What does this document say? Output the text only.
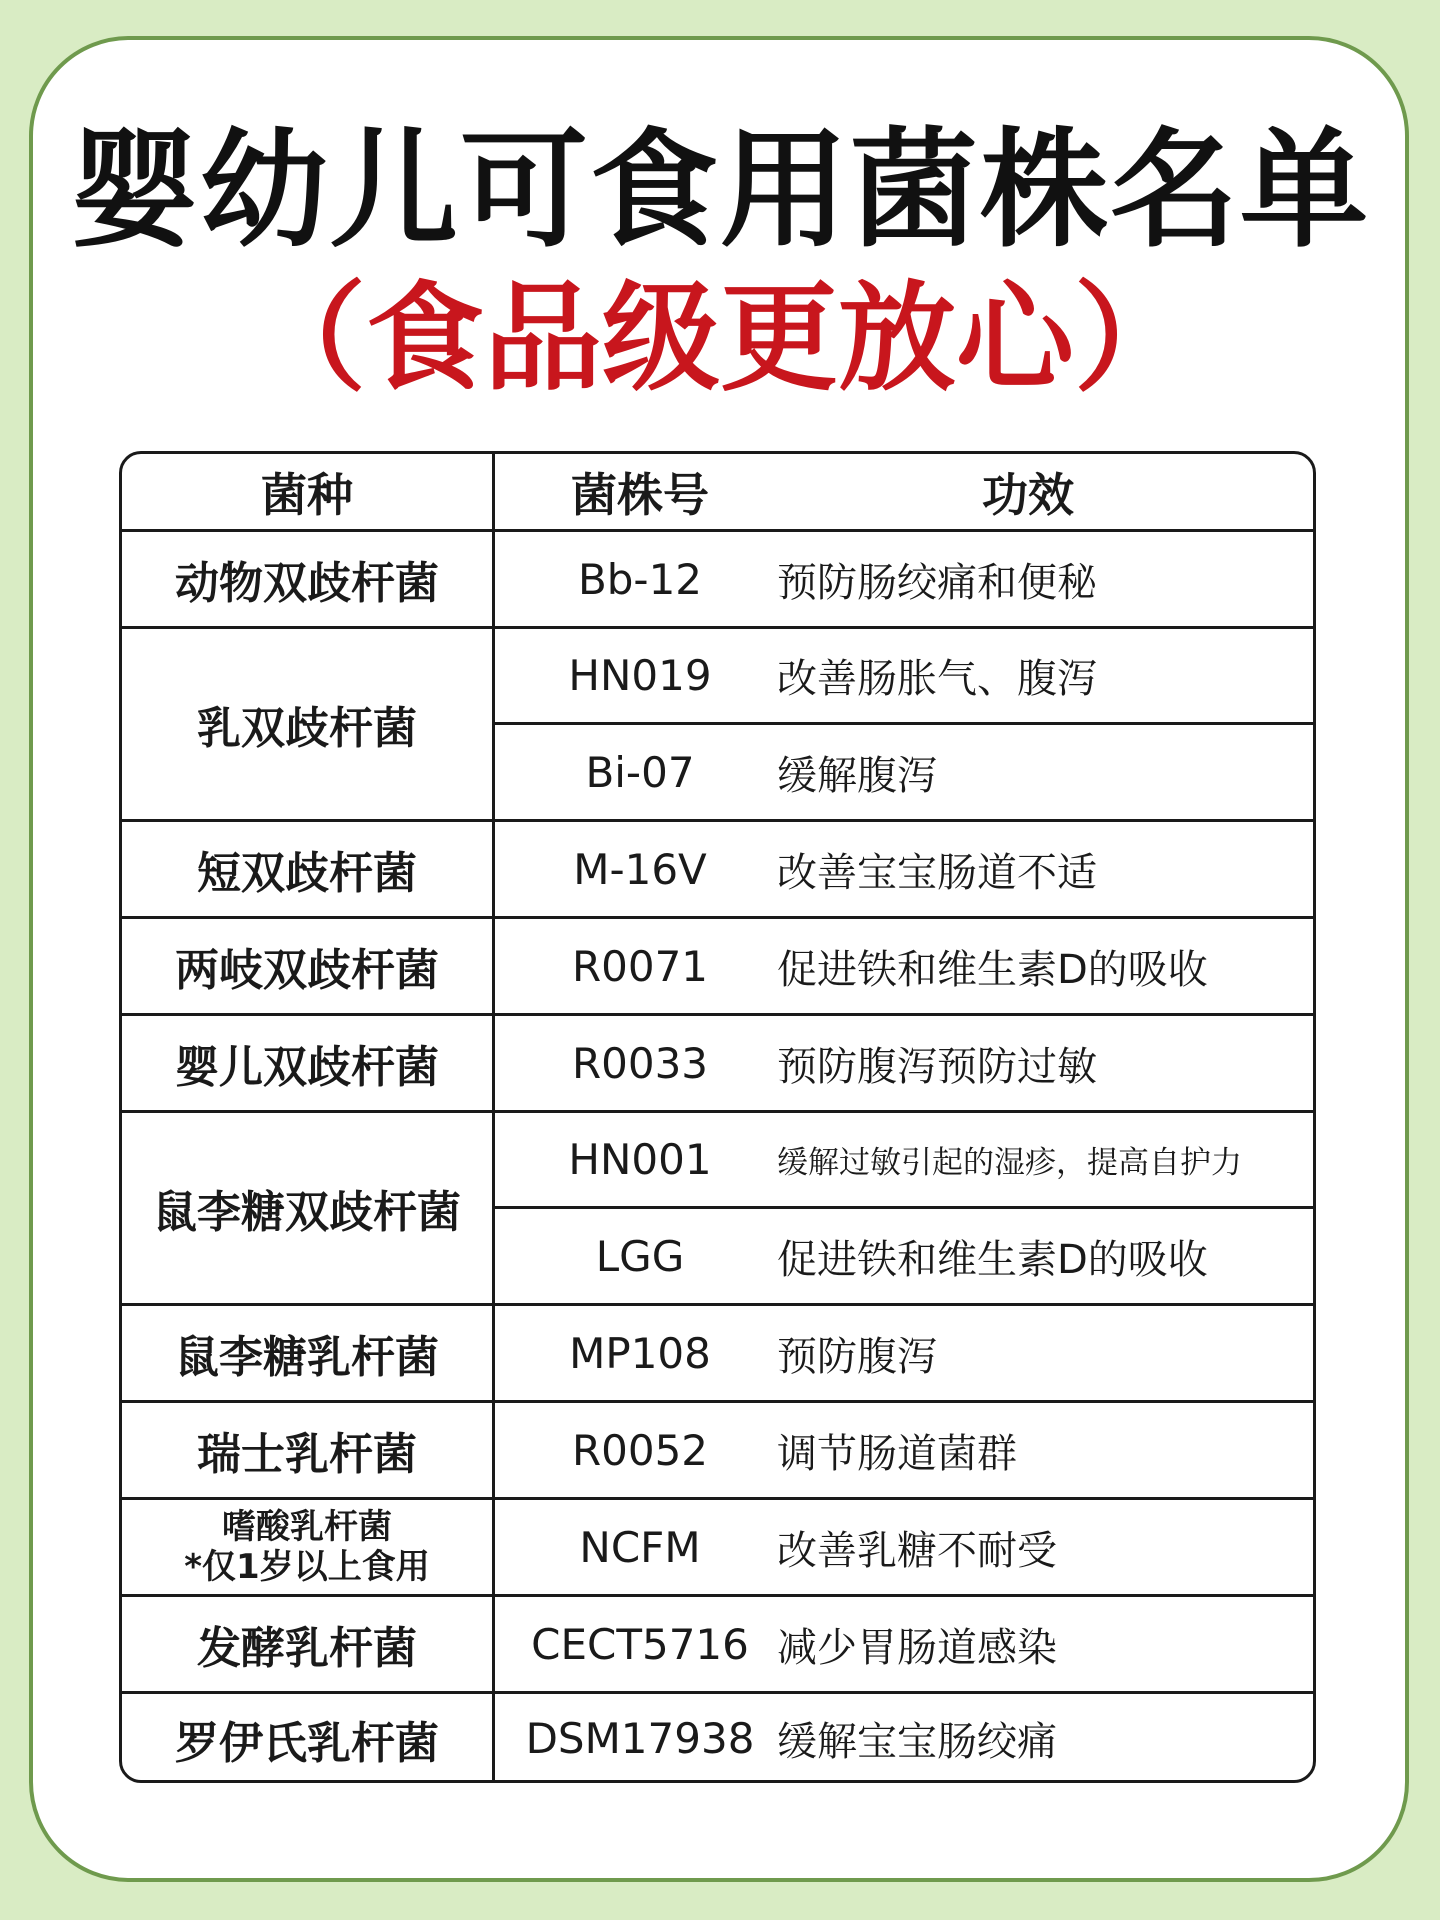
婴幼儿可食用菌株名单
（食品级更放心）
菌种	菌株号	功效
动物双歧杆菌	Bb-12	预防肠绞痛和便秘
乳双歧杆菌
HN019	改善肠胀气、腹泻
Bi-07	缓解腹泻
短双歧杆菌	M-16V	改善宝宝肠道不适
两岐双歧杆菌	R0071	促进铁和维生素D的吸收
婴儿双歧杆菌	R0033	预防腹泻预防过敏
鼠李糖双歧杆菌
HN001	缓解过敏引起的湿疹，提高自护力
LGG	促进铁和维生素D的吸收
鼠李糖乳杆菌	MP108	预防腹泻
瑞士乳杆菌	R0052	调节肠道菌群
嗜酸乳杆菌
*仅1岁以上食用	NCFM	改善乳糖不耐受
发酵乳杆菌	CECT5716 减少胃肠道感染
罗伊氏乳杆菌	DSM17938 缓解宝宝肠绞痛
